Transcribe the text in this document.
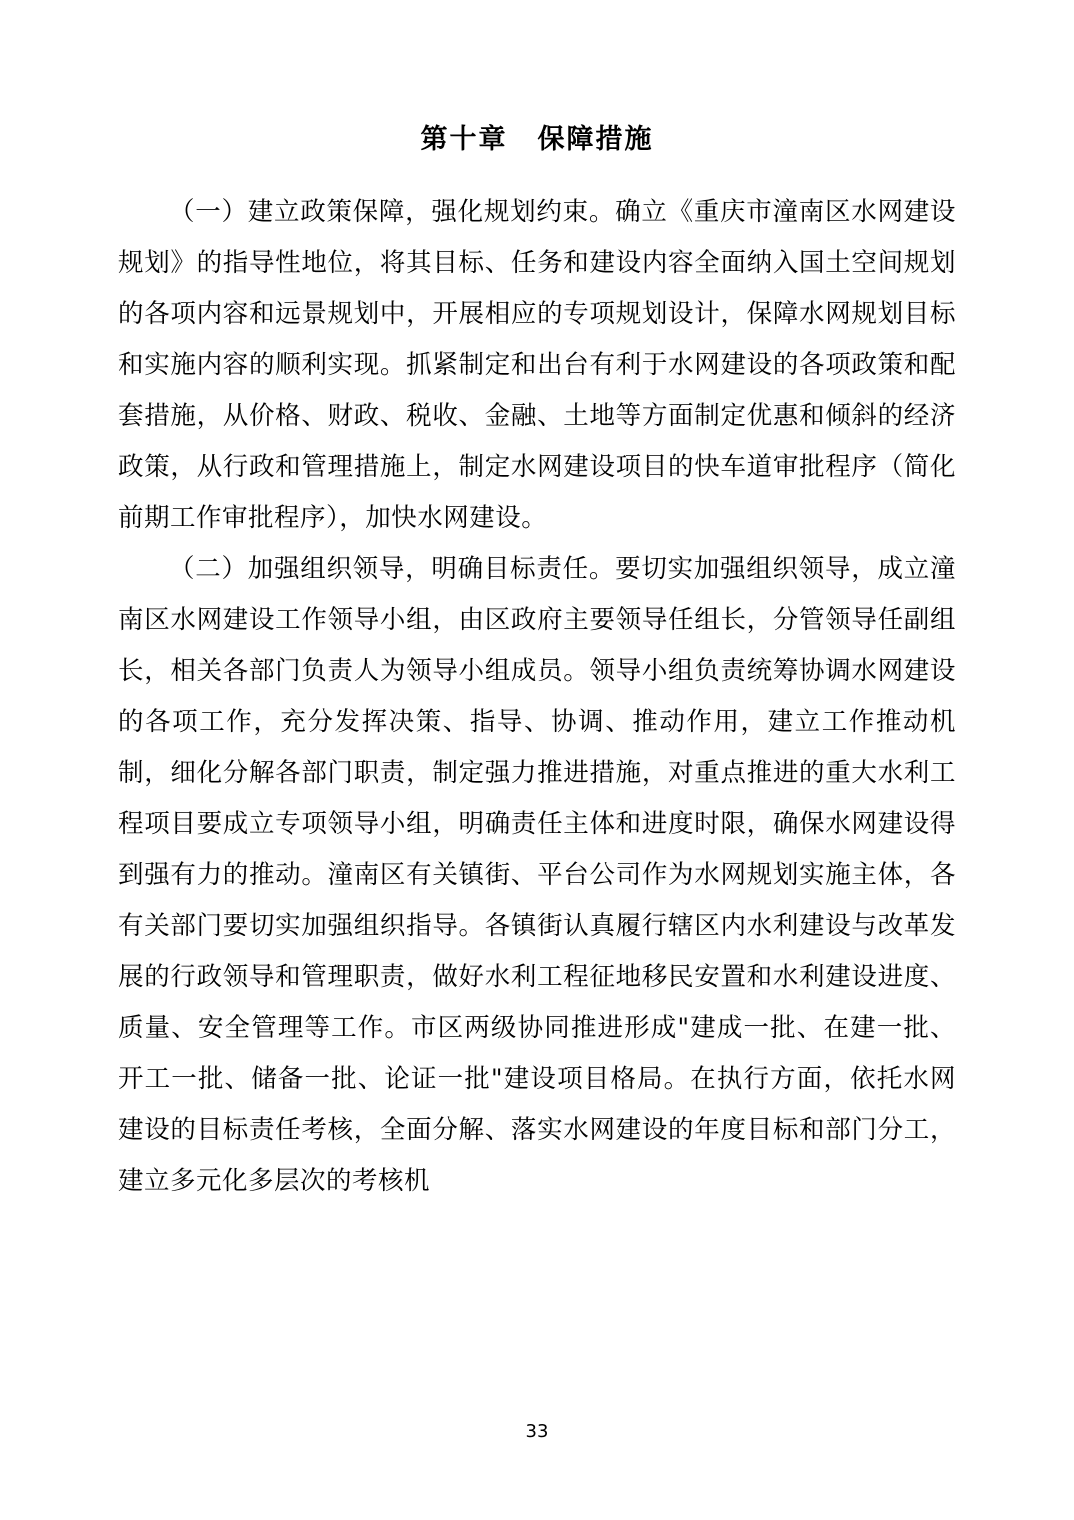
第十章 保障措施

（一）建立政策保障，强化规划约束。确立《重庆市潼南区水网建设规划》的指导性地位，将其目标、任务和建设内容全面纳入国土空间规划的各项内容和远景规划中，开展相应的专项规划设计，保障水网规划目标和实施内容的顺利实现。抓紧制定和出台有利于水网建设的各项政策和配套措施，从价格、财政、税收、金融、土地等方面制定优惠和倾斜的经济政策，从行政和管理措施上，制定水网建设项目的快车道审批程序（简化前期工作审批程序），加快水网建设。

（二）加强组织领导，明确目标责任。要切实加强组织领导，成立潼南区水网建设工作领导小组，由区政府主要领导任组长，分管领导任副组长，相关各部门负责人为领导小组成员。领导小组负责统筹协调水网建设的各项工作，充分发挥决策、指导、协调、推动作用，建立工作推动机制，细化分解各部门职责，制定强力推进措施，对重点推进的重大水利工程项目要成立专项领导小组，明确责任主体和进度时限，确保水网建设得到强有力的推动。潼南区有关镇街、平台公司作为水网规划实施主体，各有关部门要切实加强组织指导。各镇街认真履行辖区内水利建设与改革发展的行政领导和管理职责，做好水利工程征地移民安置和水利建设进度、质量、安全管理等工作。市区两级协同推进形成"建成一批、在建一批、开工一批、储备一批、论证一批"建设项目格局。在执行方面，依托水网建设的目标责任考核，全面分解、落实水网建设的年度目标和部门分工，建立多元化多层次的考核机

33
